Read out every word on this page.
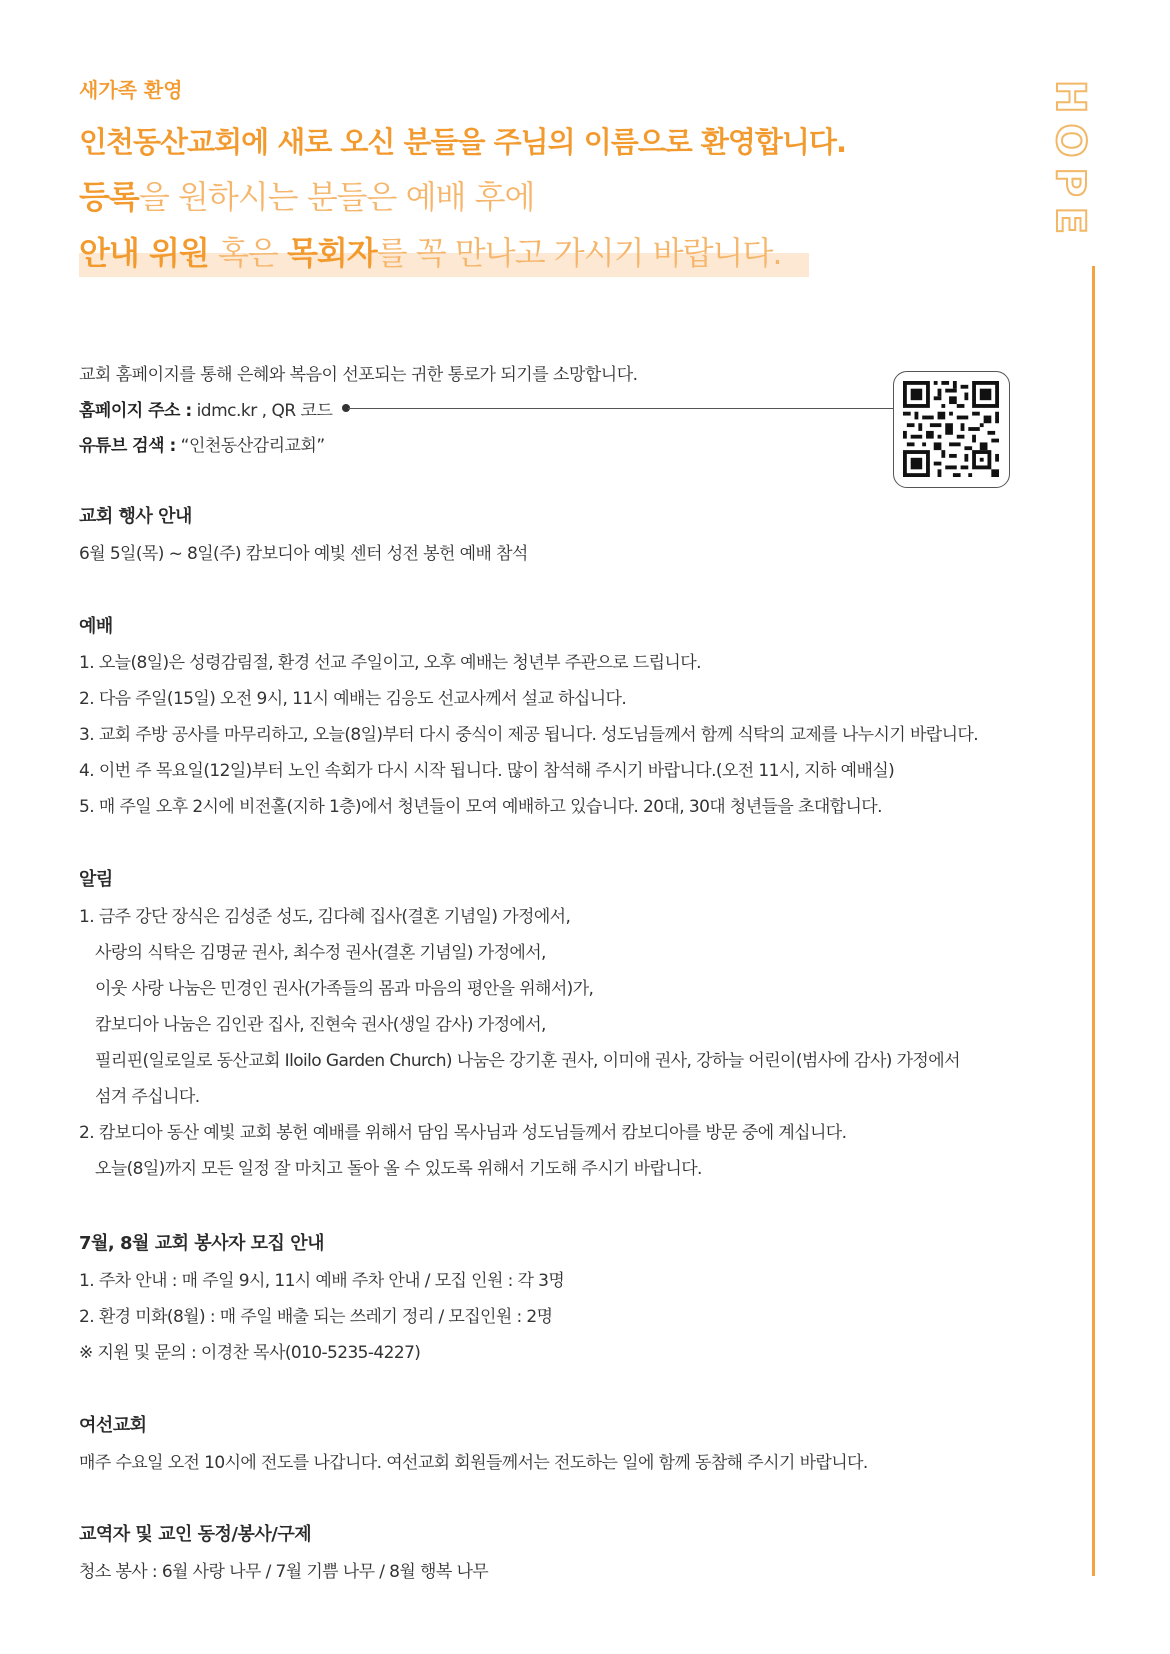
새가족 환영
인천동산교회에 새로 오신 분들을 주님의 이름으로 환영합니다.
등록을 원하시는 분들은 예배 후에
안내 위원 혹은 목회자를 꼭 만나고 가시기 바랍니다.
HOPE
교회 홈페이지를 통해 은혜와 복음이 선포되는 귀한 통로가 되기를 소망합니다.
홈페이지 주소 : idmc.kr , QR 코드
유튜브 검색 : “인천동산감리교회”
교회 행사 안내
6월 5일(목) ~ 8일(주) 캄보디아 예빛 센터 성전 봉헌 예배 참석
예배
1. 오늘(8일)은 성령감림절, 환경 선교 주일이고, 오후 예배는 청년부 주관으로 드립니다.
2. 다음 주일(15일) 오전 9시, 11시 예배는 김응도 선교사께서 설교 하십니다.
3. 교회 주방 공사를 마무리하고, 오늘(8일)부터 다시 중식이 제공 됩니다. 성도님들께서 함께 식탁의 교제를 나누시기 바랍니다.
4. 이번 주 목요일(12일)부터 노인 속회가 다시 시작 됩니다. 많이 참석해 주시기 바랍니다.(오전 11시, 지하 예배실)
5. 매 주일 오후 2시에 비전홀(지하 1층)에서 청년들이 모여 예배하고 있습니다. 20대, 30대 청년들을 초대합니다.
알림
1. 금주 강단 장식은 김성준 성도, 김다혜 집사(결혼 기념일) 가정에서,
사랑의 식탁은 김명균 권사, 최수정 권사(결혼 기념일) 가정에서,
이웃 사랑 나눔은 민경인 권사(가족들의 몸과 마음의 평안을 위해서)가,
캄보디아 나눔은 김인관 집사, 진현숙 권사(생일 감사) 가정에서,
필리핀(일로일로 동산교회 Iloilo Garden Church) 나눔은 강기훈 권사, 이미애 권사, 강하늘 어린이(범사에 감사) 가정에서
섬겨 주십니다.
2. 캄보디아 동산 예빛 교회 봉헌 예배를 위해서 담임 목사님과 성도님들께서 캄보디아를 방문 중에 계십니다.
오늘(8일)까지 모든 일정 잘 마치고 돌아 올 수 있도록 위해서 기도해 주시기 바랍니다.
7월, 8월 교회 봉사자 모집 안내
1. 주차 안내 : 매 주일 9시, 11시 예배 주차 안내 / 모집 인원 : 각 3명
2. 환경 미화(8월) : 매 주일 배출 되는 쓰레기 정리 / 모집인원 : 2명
※ 지원 및 문의 : 이경찬 목사(010-5235-4227)
여선교회
매주 수요일 오전 10시에 전도를 나갑니다. 여선교회 회원들께서는 전도하는 일에 함께 동참해 주시기 바랍니다.
교역자 및 교인 동정/봉사/구제
청소 봉사 : 6월 사랑 나무 / 7월 기쁨 나무 / 8월 행복 나무
